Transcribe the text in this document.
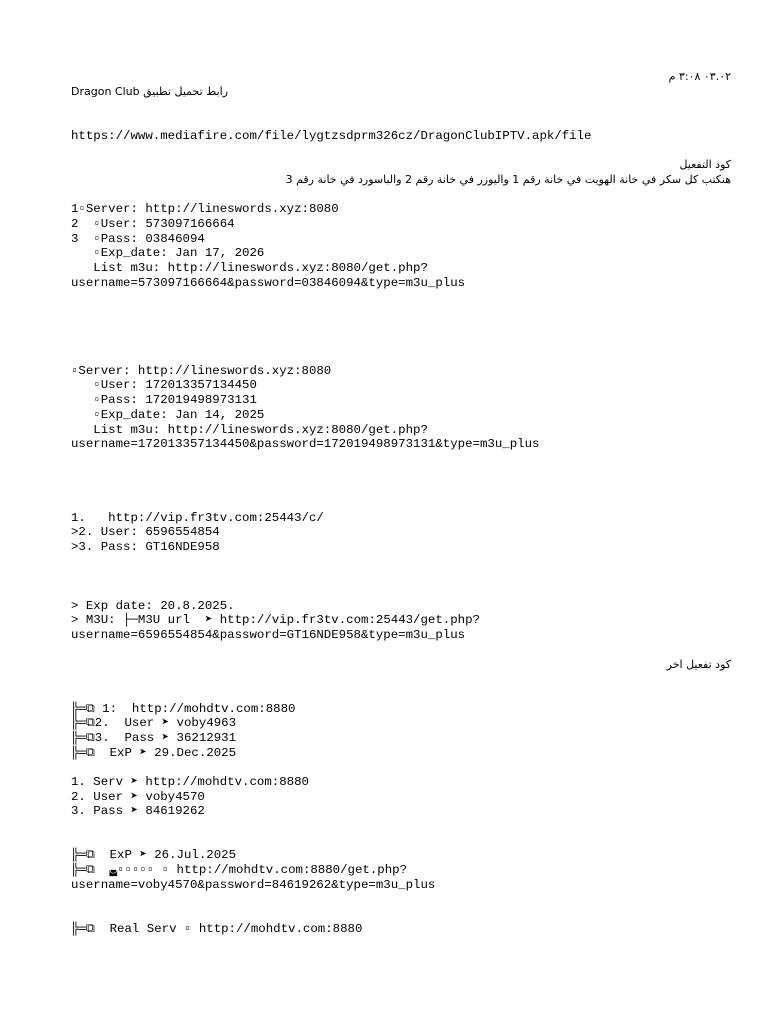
٠٣.٠٢ ٣:٠٨ م
رابط تحميل تطبيق Dragon Club
https://www.mediafire.com/file/lygtzsdprm326cz/DragonClubIPTV.apk/file
كود التفعيل
هنكتب كل سكر في خانة الهويت في خانة رقم 1 واليوزر في خانة رقم 2 والباسورد في خانة رقم 3
1▫Server: http://lineswords.xyz:8080
2  ▫User: 573097166664
3  ▫Pass: 03846094
▫Exp_date: Jan 17, 2026
List m3u: http://lineswords.xyz:8080/get.php?
username=573097166664&password=03846094&type=m3u_plus
▫Server: http://lineswords.xyz:8080
▫User: 172013357134450
▫Pass: 172019498973131
▫Exp_date: Jan 14, 2025
List m3u: http://lineswords.xyz:8080/get.php?
username=172013357134450&password=172019498973131&type=m3u_plus
1.   http://vip.fr3tv.com:25443/c/
>2. User: 6596554854
>3. Pass: GT16NDE958
> Exp date: 20.8.2025.
> M3U: ├─M3U url  ➤ http://vip.fr3tv.com:25443/get.php?
username=6596554854&password=GT16NDE958&type=m3u_plus
كود تفعيل اخر
╠═⧉ 1:  http://mohdtv.com:8880
╠═⧉2.  User ➤ voby4963
╠═⧉3.  Pass ➤ 36212931
╠═⧉  ExP ➤ 29.Dec.2025
1. Serv ➤ http://mohdtv.com:8880
2. User ➤ voby4570
3. Pass ➤ 84619262
╠═⧉  ExP ➤ 26.Jul.2025
╠═⧉  ◛▫▫▫▫▫ ▫ http://mohdtv.com:8880/get.php?
username=voby4570&password=84619262&type=m3u_plus
╠═⧉  Real Serv ▫ http://mohdtv.com:8880
